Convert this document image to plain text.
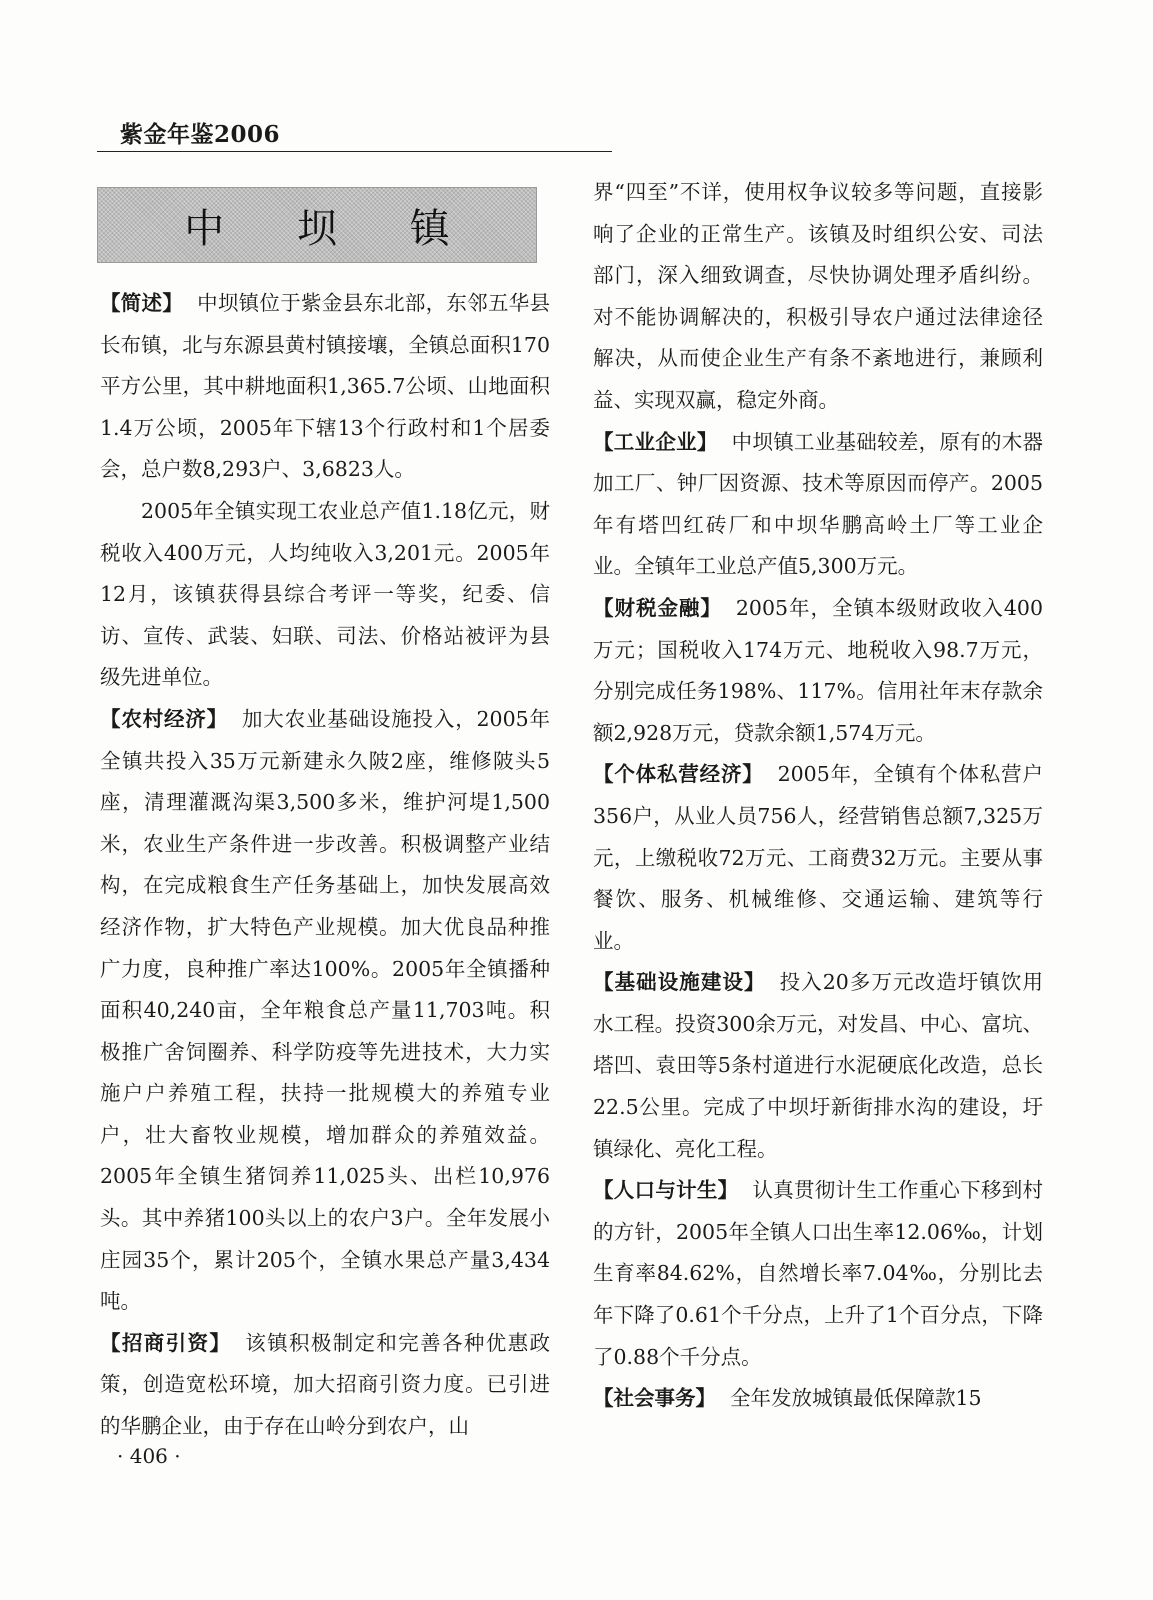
紫金年鉴2006
中 坝 镇

【简述】 中坝镇位于紫金县东北部，东邻五华县长布镇，北与东源县黄村镇接壤，全镇总面积170平方公里，其中耕地面积1,365.7公顷、山地面积1.4万公顷，2005年下辖13个行政村和1个居委会，总户数8,293户、3,6823人。

2005年全镇实现工农业总产值1.18亿元，财税收入400万元，人均纯收入3,201元。2005年12月，该镇获得县综合考评一等奖，纪委、信访、宣传、武装、妇联、司法、价格站被评为县级先进单位。

【农村经济】 加大农业基础设施投入，2005年全镇共投入35万元新建永久陂2座，维修陂头5座，清理灌溉沟渠3,500多米，维护河堤1,500米，农业生产条件进一步改善。积极调整产业结构，在完成粮食生产任务基础上，加快发展高效经济作物，扩大特色产业规模。加大优良品种推广力度，良种推广率达100%。2005年全镇播种面积40,240亩，全年粮食总产量11,703吨。积极推广舍饲圈养、科学防疫等先进技术，大力实施户户养殖工程，扶持一批规模大的养殖专业户，壮大畜牧业规模，增加群众的养殖效益。2005年全镇生猪饲养11,025头、出栏10,976头。其中养猪100头以上的农户3户。全年发展小庄园35个，累计205个，全镇水果总产量3,434吨。

【招商引资】 该镇积极制定和完善各种优惠政策，创造宽松环境，加大招商引资力度。已引进的华鹏企业，由于存在山岭分到农户，山

界“四至”不详，使用权争议较多等问题，直接影响了企业的正常生产。该镇及时组织公安、司法部门，深入细致调查，尽快协调处理矛盾纠纷。对不能协调解决的，积极引导农户通过法律途径解决，从而使企业生产有条不紊地进行，兼顾利益、实现双赢，稳定外商。

【工业企业】 中坝镇工业基础较差，原有的木器加工厂、钟厂因资源、技术等原因而停产。2005年有塔凹红砖厂和中坝华鹏高岭土厂等工业企业。全镇年工业总产值5,300万元。

【财税金融】 2005年，全镇本级财政收入400万元；国税收入174万元、地税收入98.7万元，分别完成任务198%、117%。信用社年末存款余额2,928万元，贷款余额1,574万元。

【个体私营经济】 2005年，全镇有个体私营户356户，从业人员756人，经营销售总额7,325万元，上缴税收72万元、工商费32万元。主要从事餐饮、服务、机械维修、交通运输、建筑等行业。

【基础设施建设】 投入20多万元改造圩镇饮用水工程。投资300余万元，对发昌、中心、富坑、塔凹、袁田等5条村道进行水泥硬底化改造，总长22.5公里。完成了中坝圩新街排水沟的建设，圩镇绿化、亮化工程。

【人口与计生】 认真贯彻计生工作重心下移到村的方针，2005年全镇人口出生率12.06‰，计划生育率84.62%，自然增长率7.04‰，分别比去年下降了0.61个千分点，上升了1个百分点，下降了0.88个千分点。

【社会事务】 全年发放城镇最低保障款15

· 406 ·
